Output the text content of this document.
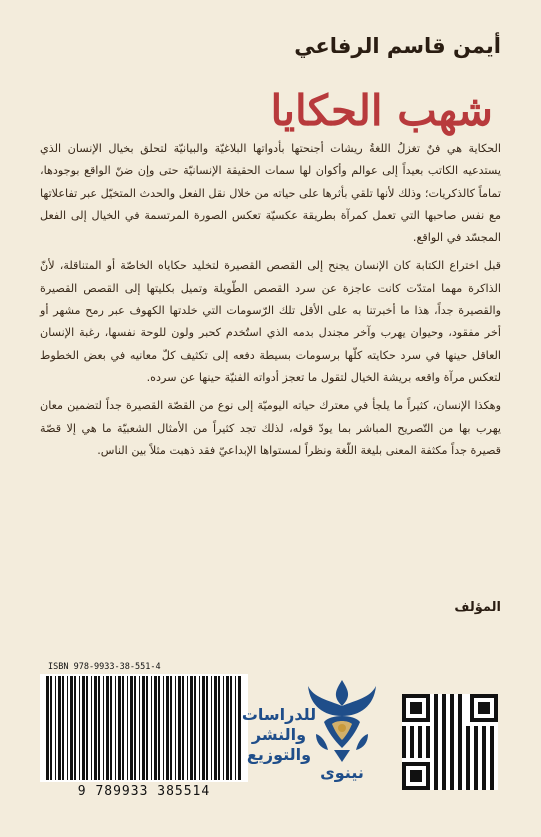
أيمن قاسم الرفاعي
شهب الحكايا

الحكاية هي فنٌ تغزلُ اللغةُ ريشات أجنحتها بأدواتها البلاغيّة والبيانيّة لتحلق بخيال الإنسان الذي يستدعيه الكاتب بعيداً إلى عوالم وأكوان لها سمات الحقيقة الإنسانيّة حتى وإن ضنّ الواقع بوجودها، تماماً كالذكريات؛ وذلك لأنها تلقي بأثرها على حياته من خلال نقل الفعل والحدث المتخيّل عبر تفاعلاتها مع نفس صاحبها التي تعمل كمرآة بطريقة عكسيّة تعكس الصورة المرتسمة في الخيال إلى الفعل المجسّد في الواقع.

قبل اختراع الكتابة كان الإنسان يجنح إلى القصص القصيرة لتخليد حكاياه الخاصّة أو المتناقلة، لأنّ الذاكرة مهما امتدّت كانت عاجزة عن سرد القصص الطّويلة وتميل بكليتها إلى القصص القصيرة والقصيرة جداً، هذا ما أخبرتنا به على الأقل تلك الرّسومات التي خلدتها الكهوف عبر رمح مشهر أو أخر مفقود، وحيوان يهرب وآخر مجندل بدمه الذي استُخدم كحبر ولون للوحة نفسها، رغبة الإنسان العاقل حينها في سرد حكايته كلّها برسومات بسيطة دفعه إلى تكثيف كلّ معانيه في بعض الخطوط لتعكس مرآة واقعه بريشة الخيال لتقول ما تعجز أدواته الفنيّة حينها عن سرده.

وهكذا الإنسان، كثيراً ما يلجأ في معترك حياته اليوميّة إلى نوع من القصّة القصيرة جداً لتضمين معان يهرب بها من التّصريح المباشر بما يودّ قوله، لذلك تجد كثيراً من الأمثال الشعبيّة ما هي إلا قصّة قصيرة جداً مكثفة المعنى بليغة اللّغة ونظراً لمستواها الإبداعيّ فقد ذهبت مثلاً بين الناس.

المؤلف
ISBN 978-9933-38-551-4
9 789933 385514
للدراسات
والنشر
والتوزيع
نينوى
